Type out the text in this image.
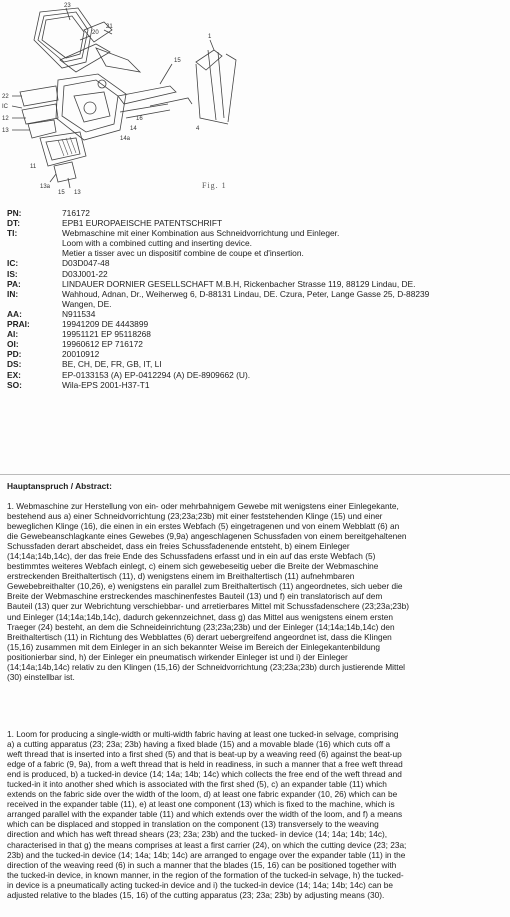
23
20
21
15
1
22
IC
12
13
14a
14
16
4
11
13a
15 13
Fig. 1
PN:	716172
DT:	EPB1 EUROPAEISCHE PATENTSCHRIFT
TI:	Webmaschine mit einer Kombination aus Schneidvorrichtung und Einleger.
Loom with a combined cutting and inserting device.
Metier a tisser avec un dispositif combine de coupe et d'insertion.
IC:	D03D047-48
IS:	D03J001-22
PA:	LINDAUER DORNIER GESELLSCHAFT M.B.H, Rickenbacher Strasse 119, 88129 Lindau, DE.
IN:	Wahhoud, Adnan, Dr., Weiherweg 6, D-88131 Lindau, DE. Czura, Peter, Lange Gasse 25, D-88239
Wangen, DE.
AA:	N911534
PRAI:	19941209 DE 4443899
AI:	19951121 EP 95118268
OI:	19960612 EP 716172
PD:	20010912
DS:	BE, CH, DE, FR, GB, IT, LI
EX:	EP-0133153 (A) EP-0412294 (A) DE-8909662 (U).
SO:	Wila-EPS 2001-H37-T1
Hauptanspruch / Abstract:
1. Webmaschine zur Herstellung von ein- oder mehrbahnigem Gewebe mit wenigstens einer Einlegekante,
bestehend aus a) einer Schneidvorrichtung (23;23a;23b) mit einer feststehenden Klinge (15) und einer
beweglichen Klinge (16), die einen in ein erstes Webfach (5) eingetragenen und von einem Webblatt (6) an
die Gewebeanschlagkante eines Gewebes (9,9a) angeschlagenen Schussfaden von einem bereitgehaltenen
Schussfaden derart abscheidet, dass ein freies Schussfadenende entsteht, b) einem Einleger
(14;14a;14b,14c), der das freie Ende des Schussfadens erfasst und in ein auf das erste Webfach (5)
bestimmtes weiteres Webfach einlegt, c) einem sich gewebeseitig ueber die Breite der Webmaschine
erstreckenden Breithaltertisch (11), d) wenigstens einem im Breithaltertisch (11) aufnehmbaren
Gewebebreithalter (10,26), e) wenigstens ein parallel zum Breithaltertisch (11) angeordnetes, sich ueber die
Breite der Webmaschine erstreckendes maschinenfestes Bauteil (13) und f) ein translatorisch auf dem
Bauteil (13) quer zur Webrichtung verschiebbar- und arretierbares Mittel mit Schussfadenschere (23;23a;23b)
und Einleger (14;14a;14b,14c), dadurch gekennzeichnet, dass g) das Mittel aus wenigstens einem ersten
Traeger (24) besteht, an dem die Schneideinrichtung (23;23a;23b) und der Einleger (14;14a;14b,14c) den
Breithaltertisch (11) in Richtung des Webblattes (6) derart uebergreifend angeordnet ist, dass die Klingen
(15,16) zusammen mit dem Einleger in an sich bekannter Weise im Bereich der Einlegekantenbildung
positionierbar sind, h) der Einleger ein pneumatisch wirkender Einleger ist und i) der Einleger
(14;14a;14b,14c) relativ zu den Klingen (15,16) der Schneidvorrichtung (23;23a;23b) durch justierende Mittel
(30) einstellbar ist.
1. Loom for producing a single-width or multi-width fabric having at least one tucked-in selvage, comprising
a) a cutting apparatus (23; 23a; 23b) having a fixed blade (15) and a movable blade (16) which cuts off a
weft thread that is inserted into a first shed (5) and that is beat-up by a weaving reed (6) against the beat-up
edge of a fabric (9, 9a), from a weft thread that is held in readiness, in such a manner that a free weft thread
end is produced, b) a tucked-in device (14; 14a; 14b; 14c) which collects the free end of the weft thread and
tucked-in it into another shed which is associated with the first shed (5), c) an expander table (11) which
extends on the fabric side over the width of the loom, d) at least one fabric expander (10, 26) which can be
received in the expander table (11), e) at least one component (13) which is fixed to the machine, which is
arranged parallel with the expander table (11) and which extends over the width of the loom, and f) a means
which can be displaced and stopped in translation on the component (13) transversely to the weaving
direction and which has weft thread shears (23; 23a; 23b) and the tucked- in device (14; 14a; 14b; 14c),
characterised in that g) the means comprises at least a first carrier (24), on which the cutting device (23; 23a;
23b) and the tucked-in device (14; 14a; 14b; 14c) are arranged to engage over the expander table (11) in the
direction of the weaving reed (6) in such a manner that the blades (15, 16) can be positioned together with
the tucked-in device, in known manner, in the region of the formation of the tucked-in selvage, h) the tucked-
in device is a pneumatically acting tucked-in device and i) the tucked-in device (14; 14a; 14b; 14c) can be
adjusted relative to the blades (15, 16) of the cutting apparatus (23; 23a; 23b) by adjusting means (30).
